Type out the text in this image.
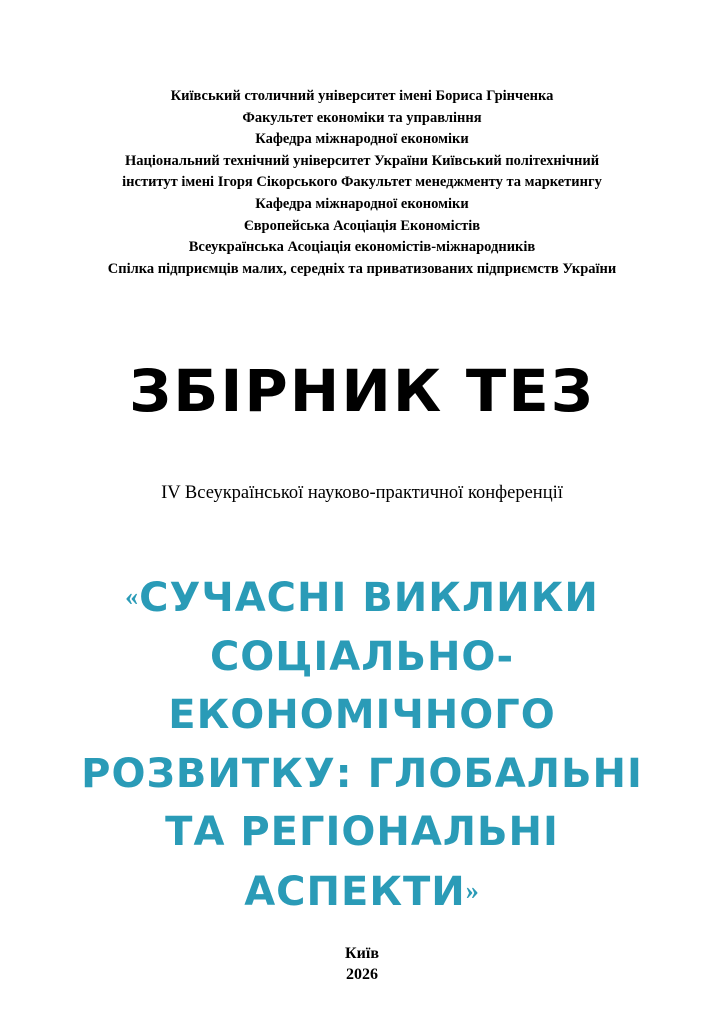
Київський столичний університет імені Бориса Грінченка
Факультет економіки та управління
Кафедра міжнародної економіки
Національний технічний університет України Київський політехнічний
інститут імені Ігоря Сікорського Факультет менеджменту та маркетингу
Кафедра міжнародної економіки
Європейська Асоціація Економістів
Всеукраїнська Асоціація економістів-міжнародників
Спілка підприємців малих, середніх та приватизованих підприємств України
ЗБІРНИК ТЕЗ
IV Всеукраїнської науково-практичної конференції
«СУЧАСНІ ВИКЛИКИ
СОЦІАЛЬНО-
ЕКОНОМІЧНОГО
РОЗВИТКУ: ГЛОБАЛЬНІ
ТА РЕГІОНАЛЬНІ
АСПЕКТИ»
Київ
2026
